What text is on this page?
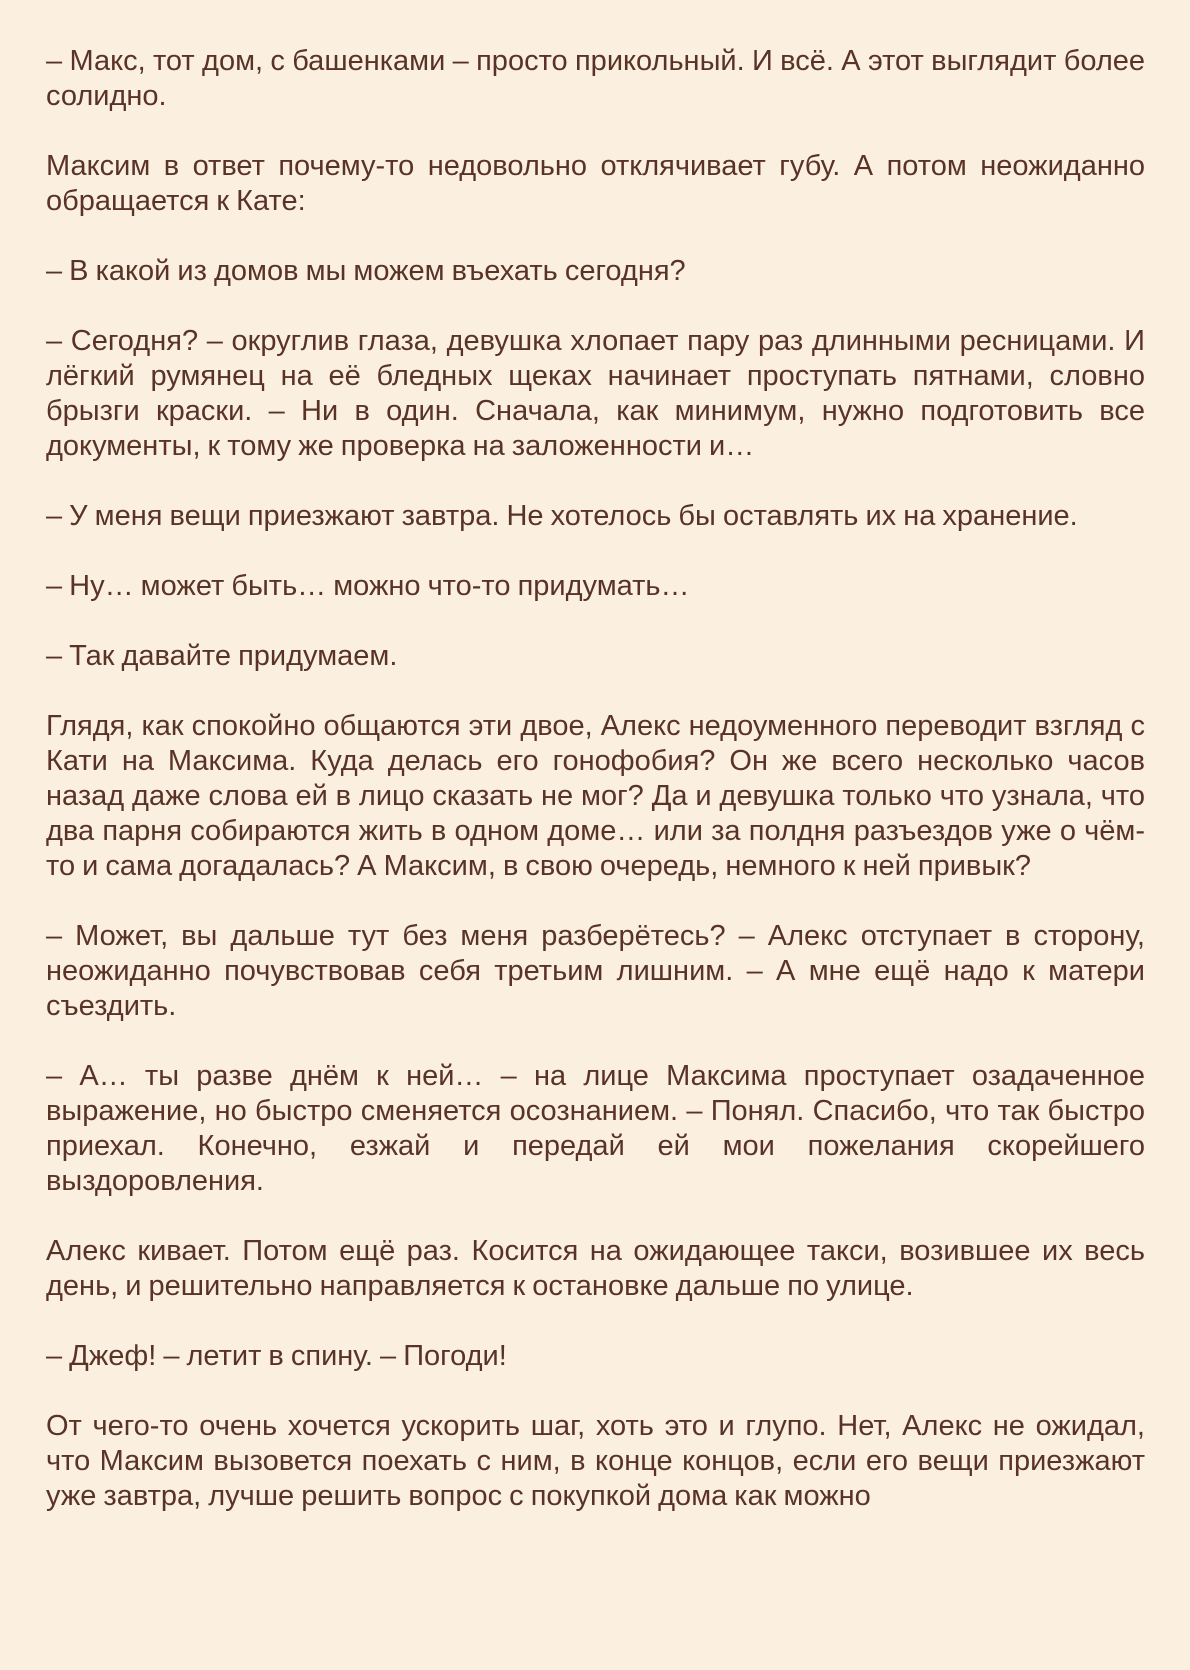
– Макс, тот дом, с башенками – просто прикольный. И всё. А этот выглядит более солидно.

Максим в ответ почему-то недовольно отклячивает губу. А потом неожиданно обращается к Кате:

– В какой из домов мы можем въехать сегодня?

– Сегодня? – округлив глаза, девушка хлопает пару раз длинными ресницами. И лёгкий румянец на её бледных щеках начинает проступать пятнами, словно брызги краски. – Ни в один. Сначала, как минимум, нужно подготовить все документы, к тому же проверка на заложенности и…

– У меня вещи приезжают завтра. Не хотелось бы оставлять их на хранение.

– Ну… может быть… можно что-то придумать…

– Так давайте придумаем.

Глядя, как спокойно общаются эти двое, Алекс недоуменного переводит взгляд с Кати на Максима. Куда делась его гонофобия? Он же всего несколько часов назад даже слова ей в лицо сказать не мог? Да и девушка только что узнала, что два парня собираются жить в одном доме… или за полдня разъездов уже о чём-то и сама догадалась? А Максим, в свою очередь, немного к ней привык?

– Может, вы дальше тут без меня разберётесь? – Алекс отступает в сторону, неожиданно почувствовав себя третьим лишним. – А мне ещё надо к матери съездить.

– А… ты разве днём к ней… – на лице Максима проступает озадаченное выражение, но быстро сменяется осознанием. – Понял. Спасибо, что так быстро приехал. Конечно, езжай и передай ей мои пожелания скорейшего выздоровления.

Алекс кивает. Потом ещё раз. Косится на ожидающее такси, возившее их весь день, и решительно направляется к остановке дальше по улице.

– Джеф! – летит в спину. – Погоди!

От чего-то очень хочется ускорить шаг, хоть это и глупо. Нет, Алекс не ожидал, что Максим вызовется поехать с ним, в конце концов, если его вещи приезжают уже завтра, лучше решить вопрос с покупкой дома как можно
